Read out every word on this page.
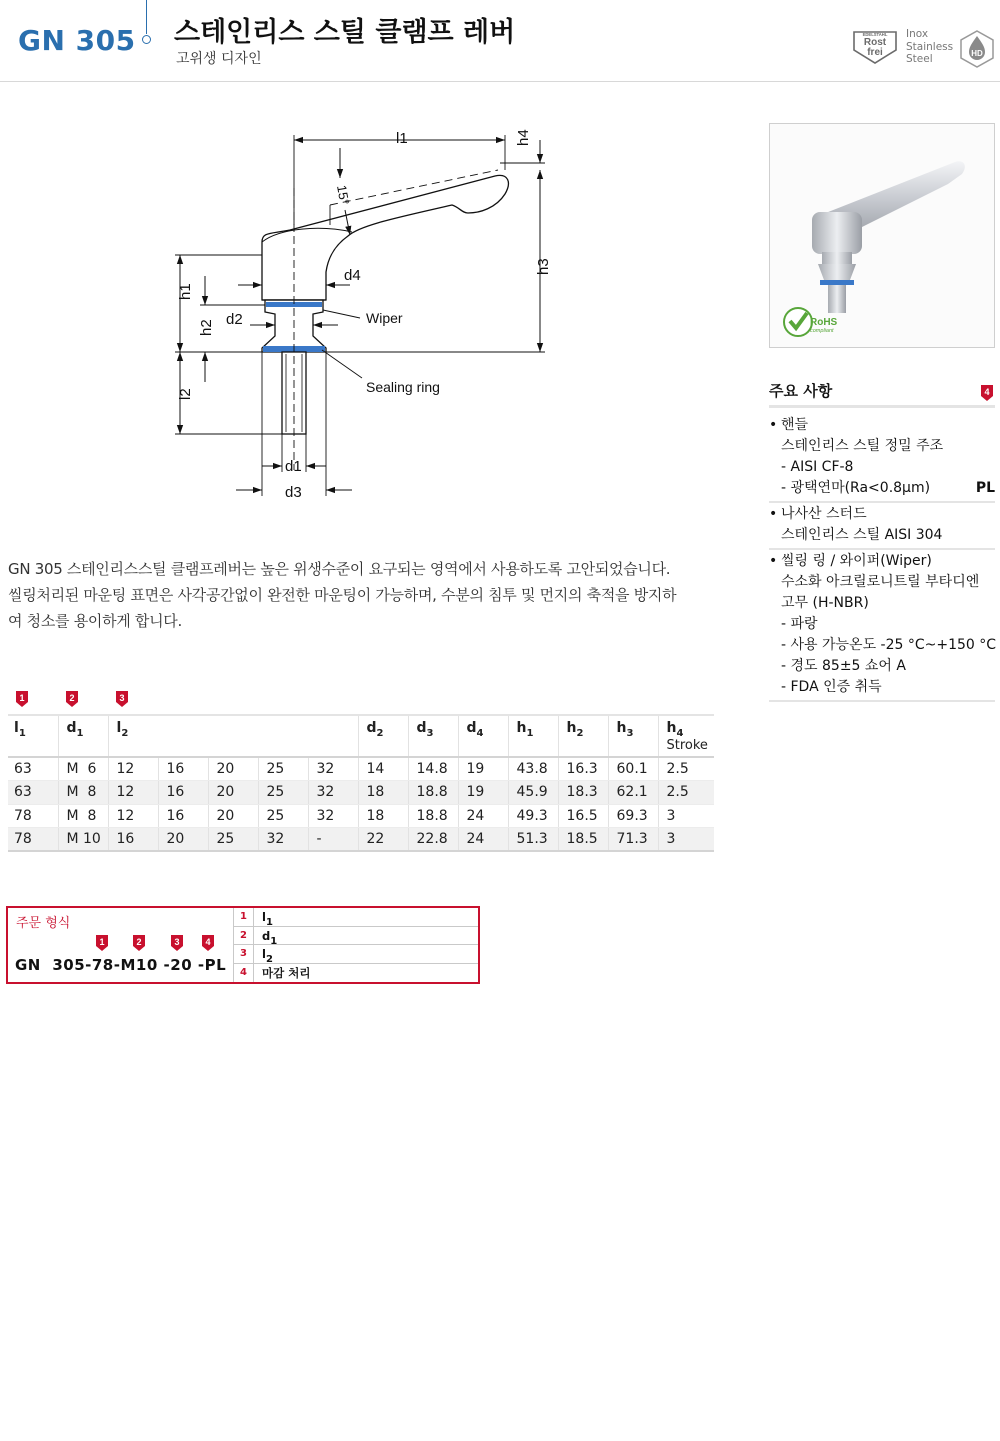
GN 305 스테인리스 스틸 클램프 레버
고위생 디자인
EDELSTAHL
Rost
frei
Inox
Stainless
Steel	HD
l1	h4
15°
h3
h1
d4
h2 d2	Wiper
Sealing ring
l2
d1
d3
RoHS
compliant
주요 사항	4
• 핸들
스테인리스 스틸 정밀 주조
- AISI CF-8
- 광택연마(Ra<0.8µm)	PL
• 나사산 스터드
스테인리스 스틸 AISI 304
• 씰링 링 / 와이퍼(Wiper)
수소화 아크릴로니트릴 부타디엔
고무 (H-NBR)
- 파랑
- 사용 가능온도 -25 °C~+150 °C
- 경도 85±5 쇼어 A
- FDA 인증 취득
GN 305 스테인리스스틸 클램프레버는 높은 위생수준이 요구되는 영역에서 사용하도록 고안되었습니다.
씰링처리된 마운팅 표면은 사각공간없이 완전한 마운팅이 가능하며, 수분의 침투 및 먼지의 축적을 방지하
여 청소를 용이하게 합니다.
1	2	3
$l_1$	$d_1$	$l_2$					$d_2$	$d_3$	$d_4$	$h_1$	$h_2$	$h_3$	$h_4$
Stroke

63	M  6	12	16	20	25	32	14	14.8	19	43.8	16.3	60.1	2.5
63	M  8	12	16	20	25	32	18	18.8	19	45.9	18.3	62.1	2.5
78	M  8	12	16	20	25	32	18	18.8	24	49.3	16.5	69.3	3
78	M 10	16	20	25	32	-	22	22.8	24	51.3	18.5	71.3	3
주문 형식
1	2	3	4
GN 305-78-M10 -20 -PL
1	l1
2	d1
3	l2
4	마감 처리
